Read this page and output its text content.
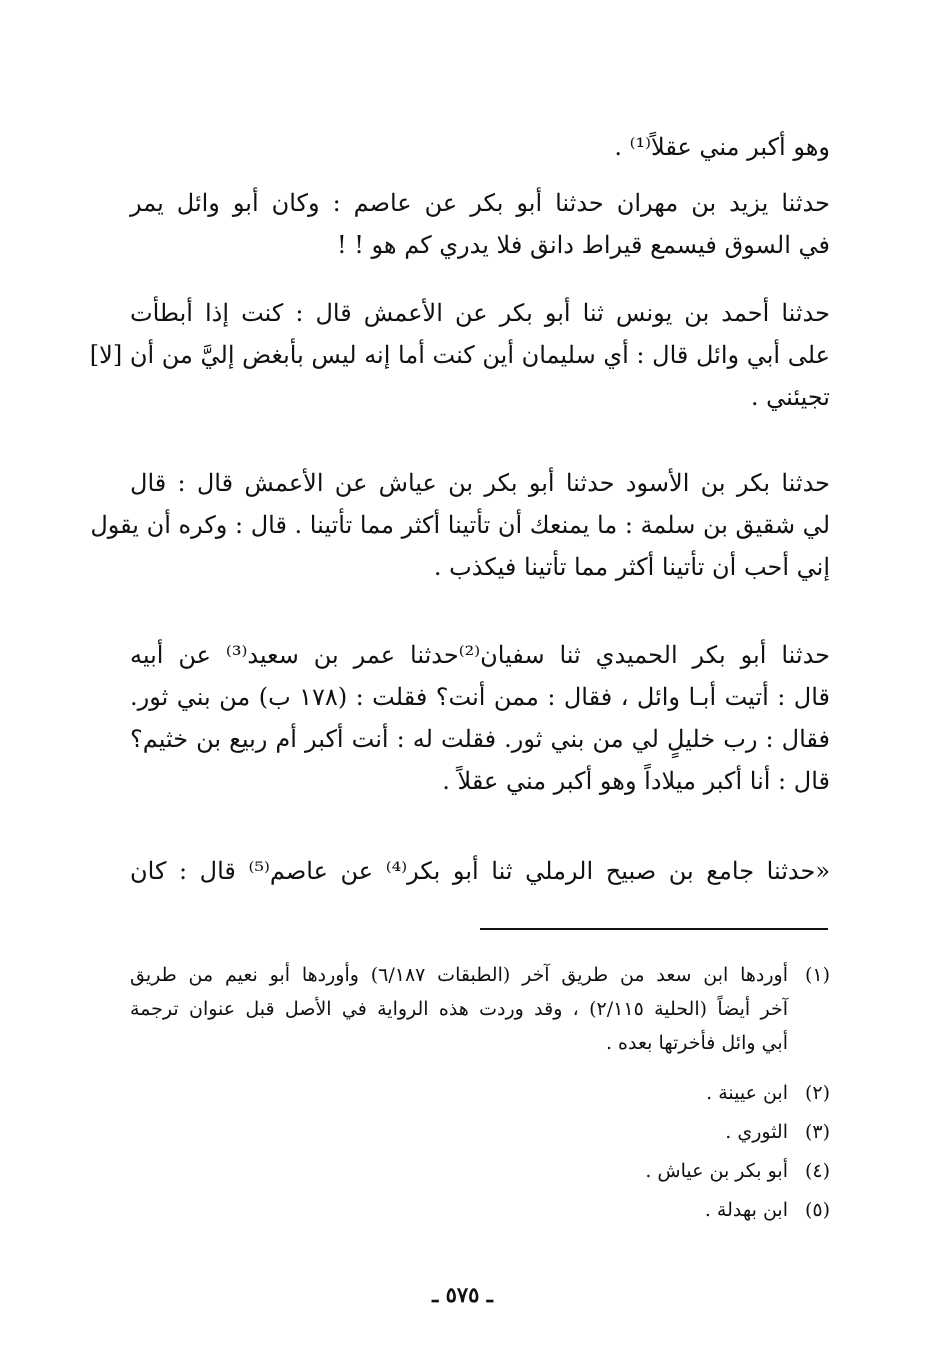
وهو أكبر مني عقلاً⁽¹⁾ .
حدثنا يزيد بن مهران حدثنا أبو بكر عن عاصم : وكان أبو وائل يمر
في السوق فيسمع قيراط دانق فلا يدري كم هو ! !
حدثنا أحمد بن يونس ثنا أبو بكر عن الأعمش قال : كنت إذا أبطأت
على أبي وائل قال : أي سليمان أين كنت أما إنه ليس بأبغض إليَّ من أن [لا]
تجيئني .
حدثنا بكر بن الأسود حدثنا أبو بكر بن عياش عن الأعمش قال : قال
لي شقيق بن سلمة : ما يمنعك أن تأتينا أكثر مما تأتينا . قال : وكره أن يقول
إني أحب أن تأتينا أكثر مما تأتينا فيكذب .
حدثنا أبو بكر الحميدي ثنا سفيان⁽²⁾حدثنا عمر بن سعيد⁽³⁾ عن أبيه
قال : أتيت أبـا وائل ، فقال : ممن أنت؟ فقلت : (١٧٨ ب) من بني ثور.
فقال : رب خليلٍ لي من بني ثور. فقلت له : أنت أكبر أم ربيع بن خثيم؟
قال : أنا أكبر ميلاداً وهو أكبر مني عقلاً .
«حدثنا جامع بن صبيح الرملي ثنا أبو بكر⁽⁴⁾ عن عاصم⁽⁵⁾ قال : كان
(١)أوردها ابن سعد من طريق آخر (الطبقات ٦/١٨٧) وأوردها أبو نعيم من طريق
آخر أيضاً (الحلية ٢/١١٥) ، وقد وردت هذه الرواية في الأصل قبل عنوان ترجمة
أبي وائل فأخرتها بعده .
(٢)ابن عيينة .
(٣)الثوري .
(٤)أبو بكر بن عياش .
(٥)ابن بهدلة .
ـ ٥٧٥ ـ
